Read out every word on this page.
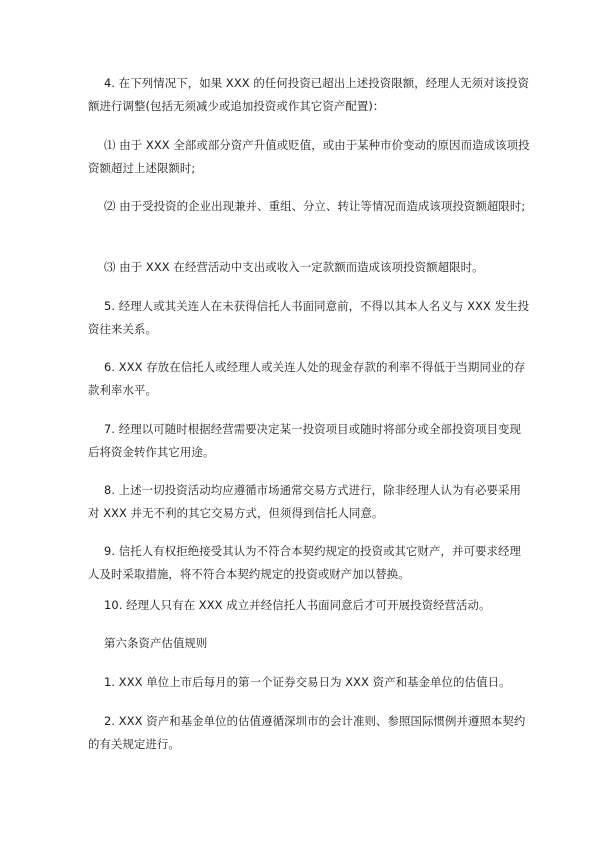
4. 在下列情况下，如果 XXX 的任何投资已超出上述投资限额，经理人无须对该投资额进行调整(包括无须减少或追加投资或作其它资产配置)：

⑴ 由于 XXX 全部或部分资产升值或贬值，或由于某种市价变动的原因而造成该项投资额超过上述限额时;

⑵ 由于受投资的企业出现兼并、重组、分立、转让等情况而造成该项投资额超限时;

⑶ 由于 XXX 在经营活动中支出或收入一定款额而造成该项投资额超限时。

5. 经理人或其关连人在未获得信托人书面同意前，不得以其本人名义与 XXX 发生投资往来关系。

6. XXX 存放在信托人或经理人或关连人处的现金存款的利率不得低于当期同业的存款利率水平。

7. 经理以可随时根据经营需要决定某一投资项目或随时将部分或全部投资项目变现后将资金转作其它用途。

8. 上述一切投资活动均应遵循市场通常交易方式进行，除非经理人认为有必要采用对 XXX 并无不利的其它交易方式，但须得到信托人同意。

9. 信托人有权拒绝接受其认为不符合本契约规定的投资或其它财产，并可要求经理人及时采取措施，将不符合本契约规定的投资或财产加以替换。

10. 经理人只有在 XXX 成立并经信托人书面同意后才可开展投资经营活动。

第六条资产估值规则

1. XXX 单位上市后每月的第一个证券交易日为 XXX 资产和基金单位的估值日。

2. XXX 资产和基金单位的估值遵循深圳市的会计准则、参照国际惯例并遵照本契约的有关规定进行。
